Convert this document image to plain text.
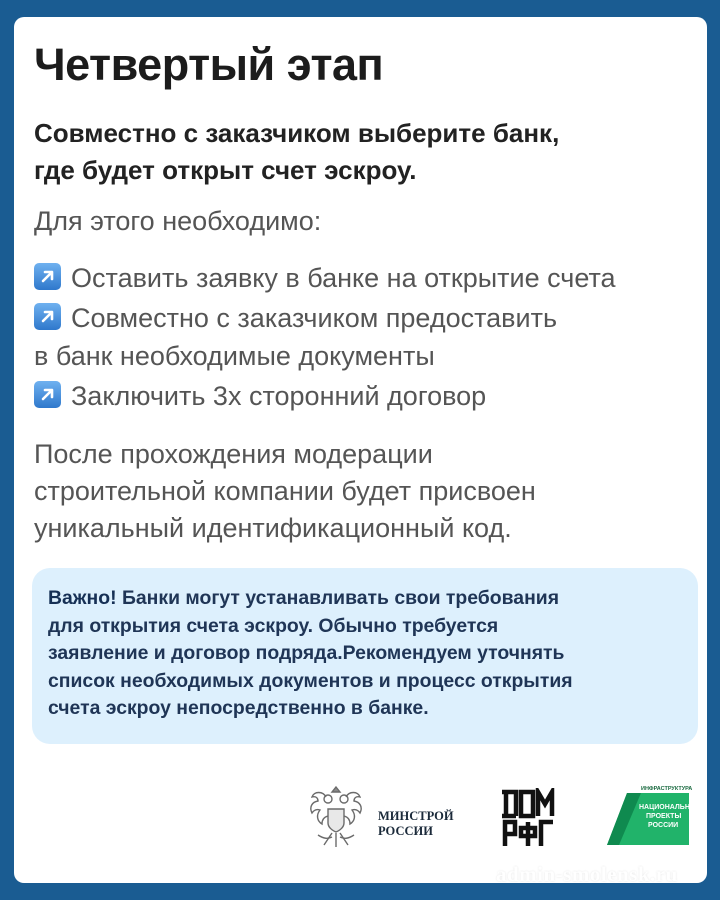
Четвертый этап
Совместно с заказчиком выберите банк,
где будет открыт счет эскроу.
Для этого необходимо:
Оставить заявку в банке на открытие счета
Совместно с заказчиком предоставить
в банк необходимые документы
Заключить 3х сторонний договор
После прохождения модерации
строительной компании будет присвоен
уникальный идентификационный код.
Важно! Банки могут устанавливать свои требования
для открытия счета эскроу. Обычно требуется
заявление и договор подряда.Рекомендуем уточнять
список необходимых документов и процесс открытия
счета эскроу непосредственно в банке.
МИНСТРОЙ
РОССИИ
ИНФРАСТРУКТУРА
НАЦИОНАЛЬНЫЕ
ПРОЕКТЫ
РОССИИ
admin-smolensk.ru
